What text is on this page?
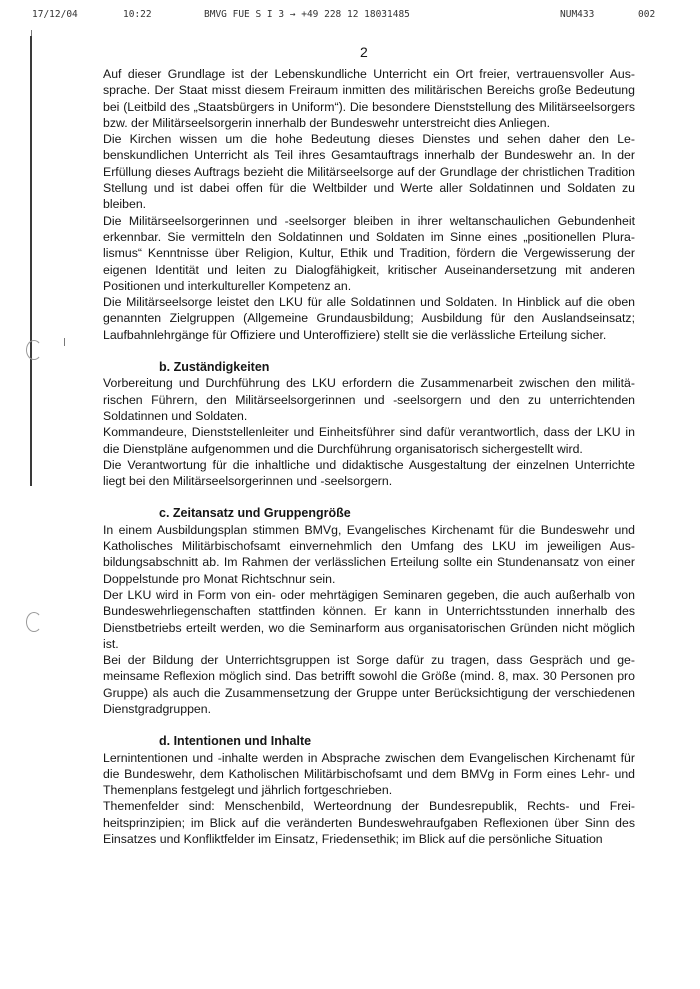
17/12/04	10:22	BMVG FUE S I 3 → +49 228 12 18031485	NUM433	002
2

Auf dieser Grundlage ist der Lebenskundliche Unterricht ein Ort freier, vertrauensvoller Aussprache. Der Staat misst diesem Freiraum inmitten des militärischen Bereichs große Bedeutung bei (Leitbild des „Staatsbürgers in Uniform“). Die besondere Dienststellung des Militärseelsorgers bzw. der Militärseelsorgerin innerhalb der Bundeswehr unterstreicht dies Anliegen.

Die Kirchen wissen um die hohe Bedeutung dieses Dienstes und sehen daher den Lebenskundlichen Unterricht als Teil ihres Gesamtauftrags innerhalb der Bundeswehr an. In der Erfüllung dieses Auftrags bezieht die Militärseelsorge auf der Grundlage der christlichen Tradition Stellung und ist dabei offen für die Weltbilder und Werte aller Soldatinnen und Soldaten zu bleiben.

Die Militärseelsorgerinnen und -seelsorger bleiben in ihrer weltanschaulichen Gebundenheit erkennbar. Sie vermitteln den Soldatinnen und Soldaten im Sinne eines „positionellen Pluralismus“ Kenntnisse über Religion, Kultur, Ethik und Tradition, fördern die Vergewisserung der eigenen Identität und leiten zu Dialogfähigkeit, kritischer Auseinandersetzung mit anderen Positionen und interkultureller Kompetenz an.

Die Militärseelsorge leistet den LKU für alle Soldatinnen und Soldaten. In Hinblick auf die oben genannten Zielgruppen (Allgemeine Grundausbildung; Ausbildung für den Auslandseinsatz; Laufbahnlehrgänge für Offiziere und Unteroffiziere) stellt sie die verlässliche Erteilung sicher.

b. Zuständigkeiten

Vorbereitung und Durchführung des LKU erfordern die Zusammenarbeit zwischen den militärischen Führern, den Militärseelsorgerinnen und -seelsorgern und den zu unterrichtenden Soldatinnen und Soldaten.

Kommandeure, Dienststellenleiter und Einheitsführer sind dafür verantwortlich, dass der LKU in die Dienstpläne aufgenommen und die Durchführung organisatorisch sichergestellt wird.

Die Verantwortung für die inhaltliche und didaktische Ausgestaltung der einzelnen Unterrichte liegt bei den Militärseelsorgerinnen und -seelsorgern.

c. Zeitansatz und Gruppengröße

In einem Ausbildungsplan stimmen BMVg, Evangelisches Kirchenamt für die Bundeswehr und Katholisches Militärbischofsamt einvernehmlich den Umfang des LKU im jeweiligen Ausbildungsabschnitt ab. Im Rahmen der verlässlichen Erteilung sollte ein Stundenansatz von einer Doppelstunde pro Monat Richtschnur sein.

Der LKU wird in Form von ein- oder mehrtägigen Seminaren gegeben, die auch außerhalb von Bundeswehrliegenschaften stattfinden können. Er kann in Unterrichtsstunden innerhalb des Dienstbetriebs erteilt werden, wo die Seminarform aus organisatorischen Gründen nicht möglich ist.

Bei der Bildung der Unterrichtsgruppen ist Sorge dafür zu tragen, dass Gespräch und gemeinsame Reflexion möglich sind. Das betrifft sowohl die Größe (mind. 8, max. 30 Personen pro Gruppe) als auch die Zusammensetzung der Gruppe unter Berücksichtigung der verschiedenen Dienstgradgruppen.

d. Intentionen und Inhalte

Lernintentionen und -inhalte werden in Absprache zwischen dem Evangelischen Kirchenamt für die Bundeswehr, dem Katholischen Militärbischofsamt und dem BMVg in Form eines Lehr- und Themenplans festgelegt und jährlich fortgeschrieben.

Themenfelder sind: Menschenbild, Werteordnung der Bundesrepublik, Rechts- und Freiheitsprinzipien; im Blick auf die veränderten Bundeswehraufgaben Reflexionen über Sinn des Einsatzes und Konfliktfelder im Einsatz, Friedensethik; im Blick auf die persönliche Situation
